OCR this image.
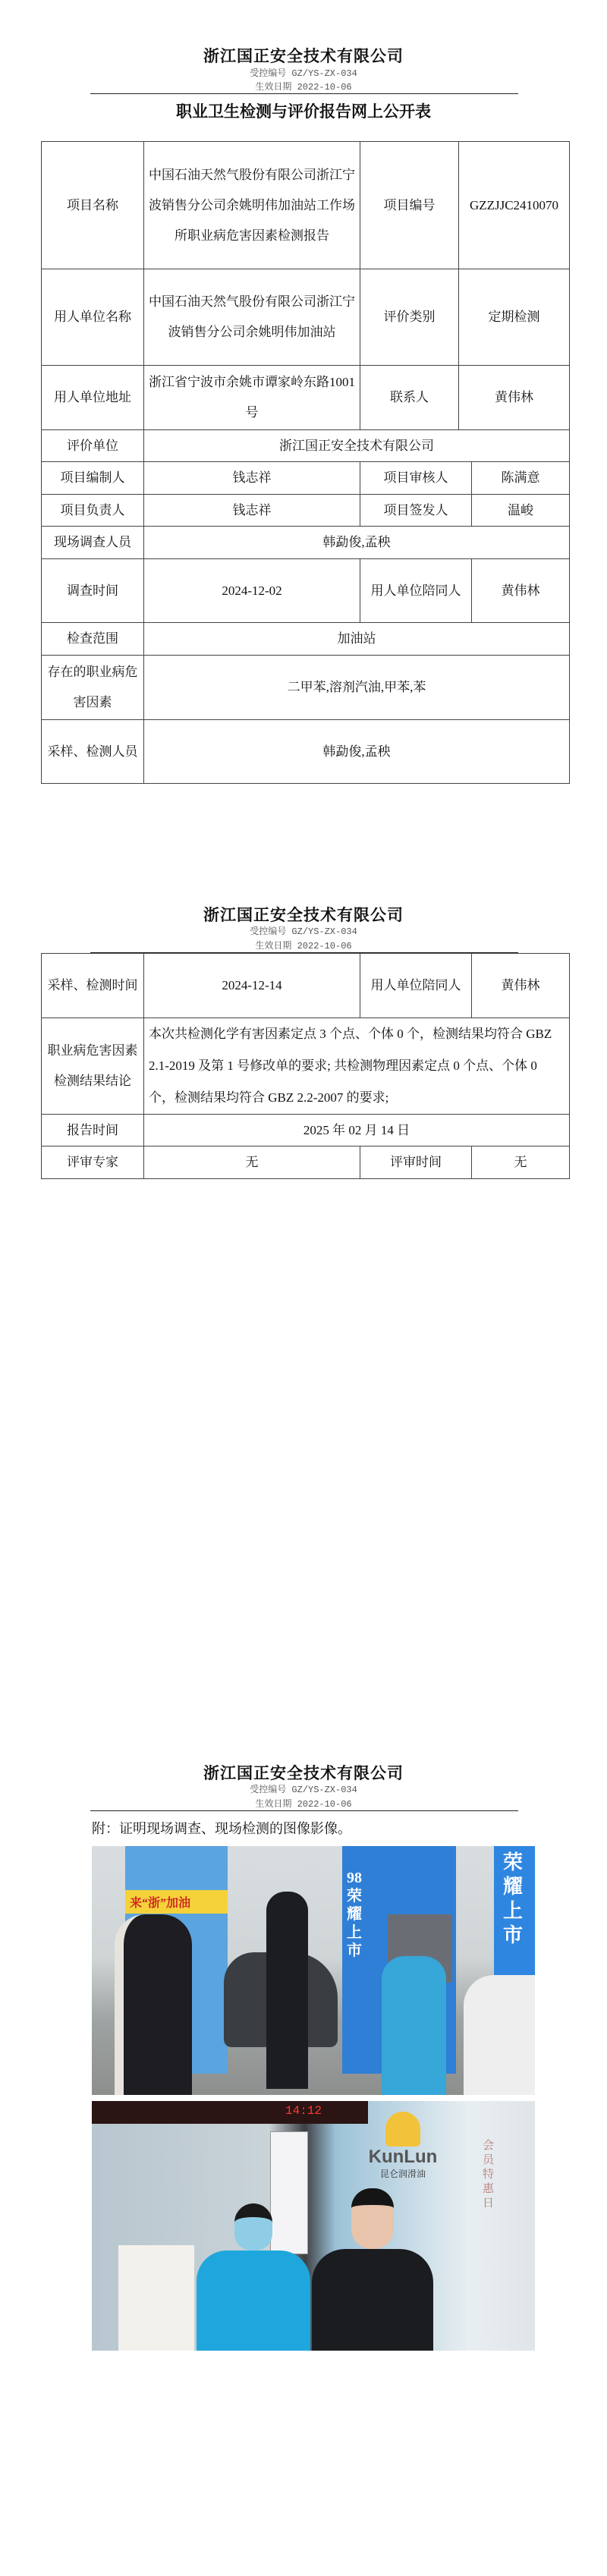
浙江国正安全技术有限公司
受控编号 GZ/YS-ZX-034
生效日期 2022-10-06
职业卫生检测与评价报告网上公开表
项目名称	中国石油天然气股份有限公司浙江宁波销售分公司余姚明伟加油站工作场所职业病危害因素检测报告	项目编号	GZZJJC2410070	
用人单位名称	中国石油天然气股份有限公司浙江宁波销售分公司余姚明伟加油站	评价类别	定期检测	
用人单位地址	浙江省宁波市余姚市谭家岭东路1001号	联系人	黄伟林	
评价单位	浙江国正安全技术有限公司			
项目编制人	钱志祥	项目审核人		陈满意
项目负责人	钱志祥	项目签发人		温峻
现场调查人员	韩勐俊,孟秧			
调查时间	2024-12-02	用人单位陪同人		黄伟林
检查范围	加油站			
存在的职业病危害因素	二甲苯,溶剂汽油,甲苯,苯			
采样、检测人员	韩勐俊,孟秧			
浙江国正安全技术有限公司
受控编号 GZ/YS-ZX-034
生效日期 2022-10-06
采样、检测时间	2024-12-14	用人单位陪同人	黄伟林
职业病危害因素检测结果结论	本次共检测化学有害因素定点 3 个点、个体 0 个，检测结果均符合 GBZ 2.1-2019 及第 1 号修改单的要求; 共检测物理因素定点 0 个点、个体 0 个，检测结果均符合 GBZ 2.2-2007 的要求;		
报告时间	2025 年 02 月 14 日		
评审专家	无	评审时间	无
浙江国正安全技术有限公司
受控编号 GZ/YS-ZX-034
生效日期 2022-10-06
附：证明现场调查、现场检测的图像影像。
来“浙”加油
98 荣耀上市
荣耀上市
14:12
会员特惠日
KunLun
昆仑润滑油
